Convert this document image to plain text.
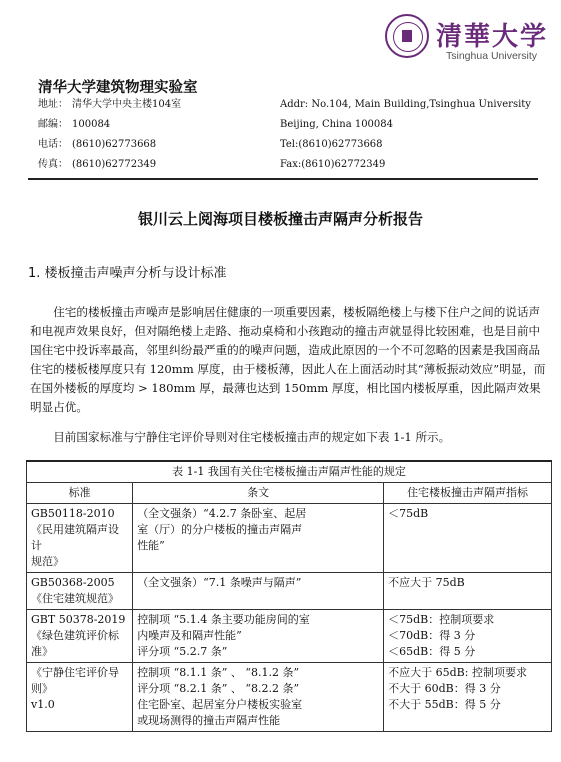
清華大学
Tsinghua University
清华大学建筑物理实验室
地址： 清华大学中央主楼104室
邮编： 100084
电话： (8610)62773668
传真： (8610)62772349
Addr: No.104, Main Building,Tsinghua University
Beijing, China 100084
Tel:(8610)62773668
Fax:(8610)62772349
银川云上阅海项目楼板撞击声隔声分析报告
1. 楼板撞击声噪声分析与设计标准

住宅的楼板撞击声噪声是影响居住健康的一项重要因素，楼板隔绝楼上与楼下住户之间的说话声和电视声效果良好，但对隔绝楼上走路、拖动桌椅和小孩跑动的撞击声就显得比较困难，也是目前中国住宅中投诉率最高，邻里纠纷最严重的的噪声问题，造成此原因的一个不可忽略的因素是我国商品住宅的楼板楼厚度只有 120mm 厚度，由于楼板薄，因此人在上面活动时其“薄板振动效应”明显，而在国外楼板的厚度均 > 180mm 厚，最薄也达到 150mm 厚度，相比国内楼板厚重，因此隔声效果明显占优。

目前国家标准与宁静住宅评价导则对住宅楼板撞击声的规定如下表 1-1 所示。

表 1-1 我国有关住宅楼板撞击声隔声性能的规定		
标准	条文	住宅楼板撞击声隔声指标

GB50118-2010
《民用建筑隔声设计
规范》	（全文强条）“4.2.7 条卧室、起居
室（厅）的分户楼板的撞击声隔声
性能”	＜75dB

GB50368-2005
《住宅建筑规范》	（全文强条）“7.1 条噪声与隔声”	不应大于 75dB

GBT 50378-2019
《绿色建筑评价标准》	控制项 “5.1.4 条主要功能房间的室
内噪声及和隔声性能”
评分项 “5.2.7 条”	＜75dB：控制项要求
＜70dB：得 3 分
＜65dB：得 5 分

《宁静住宅评价导则》
v1.0	控制项 “8.1.1 条” 、 “8.1.2 条”
评分项 “8.2.1 条” 、 “8.2.2 条”
住宅卧室、起居室分户楼板实验室
或现场测得的撞击声隔声性能	不应大于 65dB: 控制项要求
不大于 60dB：得 3 分
不大于 55dB：得 5 分
